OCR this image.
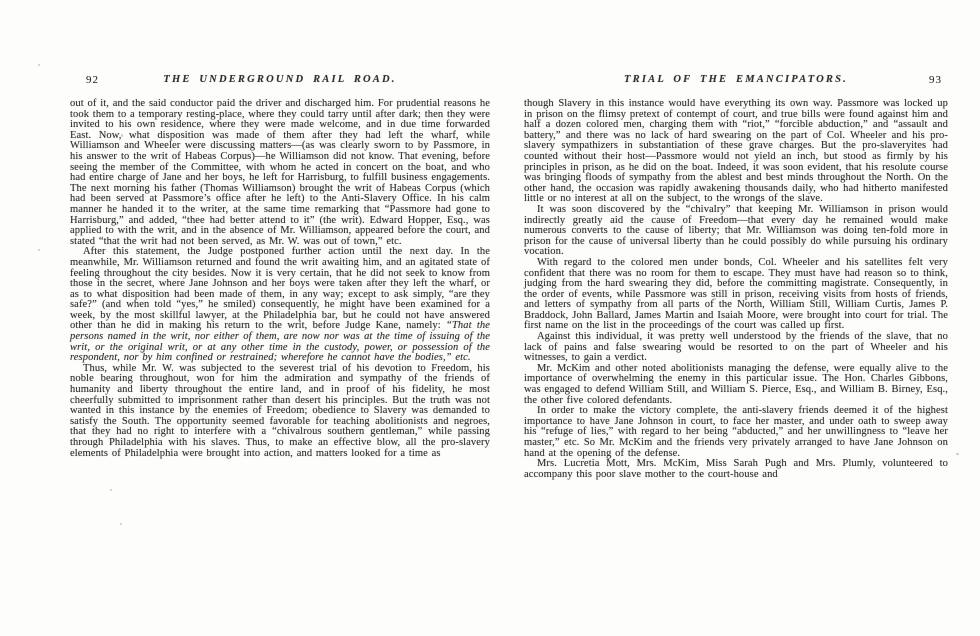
92	THE UNDERGROUND RAIL ROAD.

out of it, and the said conductor paid the driver and discharged him. For prudential reasons he took them to a temporary resting-place, where they could tarry until after dark; then they were invited to his own residence, where they were made welcome, and in due time forwarded East. Now, what disposition was made of them after they had left the wharf, while Williamson and Wheeler were discussing matters—(as was clearly sworn to by Passmore, in his answer to the writ of Habeas Corpus)—he Williamson did not know. That evening, before seeing the member of the Committee, with whom he acted in concert on the boat, and who had entire charge of Jane and her boys, he left for Harrisburg, to fulfill business engagements. The next morning his father (Thomas Williamson) brought the writ of Habeas Corpus (which had been served at Passmore’s office after he left) to the Anti-Slavery Office. In his calm manner he handed it to the writer, at the same time remarking that “Passmore had gone to Harrisburg,” and added, “thee had better attend to it” (the writ). Edward Hopper, Esq., was applied to with the writ, and in the absence of Mr. Williamson, appeared before the court, and stated “that the writ had not been served, as Mr. W. was out of town,” etc.

After this statement, the Judge postponed further action until the next day. In the meanwhile, Mr. Williamson returned and found the writ awaiting him, and an agitated state of feeling throughout the city besides. Now it is very certain, that he did not seek to know from those in the secret, where Jane Johnson and her boys were taken after they left the wharf, or as to what disposition had been made of them, in any way; except to ask simply, “are they safe?” (and when told “yes,” he smiled) consequently, he might have been examined for a week, by the most skillful lawyer, at the Philadelphia bar, but he could not have answered other than he did in making his return to the writ, before Judge Kane, namely: “That the persons named in the writ, nor either of them, are now nor was at the time of issuing of the writ, or the original writ, or at any other time in the custody, power, or possession of the respondent, nor by him confined or restrained; wherefore he cannot have the bodies,” etc.

Thus, while Mr. W. was subjected to the severest trial of his devotion to Freedom, his noble bearing throughout, won for him the admiration and sympathy of the friends of humanity and liberty throughout the entire land, and in proof of his fidelity, he most cheerfully submitted to imprisonment rather than desert his principles. But the truth was not wanted in this instance by the enemies of Freedom; obedience to Slavery was demanded to satisfy the South. The opportunity seemed favorable for teaching abolitionists and negroes, that they had no right to interfere with a “chivalrous southern gentleman,” while passing through Philadelphia with his slaves. Thus, to make an effective blow, all the pro-slavery elements of Philadelphia were brought into action, and matters looked for a time as

TRIAL OF THE EMANCIPATORS.	93

though Slavery in this instance would have everything its own way. Passmore was locked up in prison on the flimsy pretext of contempt of court, and true bills were found against him and half a dozen colored men, charging them with “riot,” “forcible abduction,” and “assault and battery,” and there was no lack of hard swearing on the part of Col. Wheeler and his pro-slavery sympathizers in substantiation of these grave charges. But the pro-slaveryites had counted without their host—Passmore would not yield an inch, but stood as firmly by his principles in prison, as he did on the boat. Indeed, it was soon evident, that his resolute course was bringing floods of sympathy from the ablest and best minds throughout the North. On the other hand, the occasion was rapidly awakening thousands daily, who had hitherto manifested little or no interest at all on the subject, to the wrongs of the slave.

It was soon discovered by the “chivalry” that keeping Mr. Williamson in prison would indirectly greatly aid the cause of Freedom—that every day he remained would make numerous converts to the cause of liberty; that Mr. Williamson was doing ten-fold more in prison for the cause of universal liberty than he could possibly do while pursuing his ordinary vocation.

With regard to the colored men under bonds, Col. Wheeler and his satellites felt very confident that there was no room for them to escape. They must have had reason so to think, judging from the hard swearing they did, before the committing magistrate. Consequently, in the order of events, while Passmore was still in prison, receiving visits from hosts of friends, and letters of sympathy from all parts of the North, William Still, William Curtis, James P. Braddock, John Ballard, James Martin and Isaiah Moore, were brought into court for trial. The first name on the list in the proceedings of the court was called up first.

Against this individual, it was pretty well understood by the friends of the slave, that no lack of pains and false swearing would be resorted to on the part of Wheeler and his witnesses, to gain a verdict.

Mr. McKim and other noted abolitionists managing the defense, were equally alive to the importance of overwhelming the enemy in this particular issue. The Hon. Charles Gibbons, was engaged to defend William Still, and William S. Pierce, Esq., and William B. Birney, Esq., the other five colored defendants.

In order to make the victory complete, the anti-slavery friends deemed it of the highest importance to have Jane Johnson in court, to face her master, and under oath to sweep away his “refuge of lies,” with regard to her being “abducted,” and her unwillingness to “leave her master,” etc. So Mr. McKim and the friends very privately arranged to have Jane Johnson on hand at the opening of the defense.

Mrs. Lucretia Mott, Mrs. McKim, Miss Sarah Pugh and Mrs. Plumly, volunteered to accompany this poor slave mother to the court-house and
